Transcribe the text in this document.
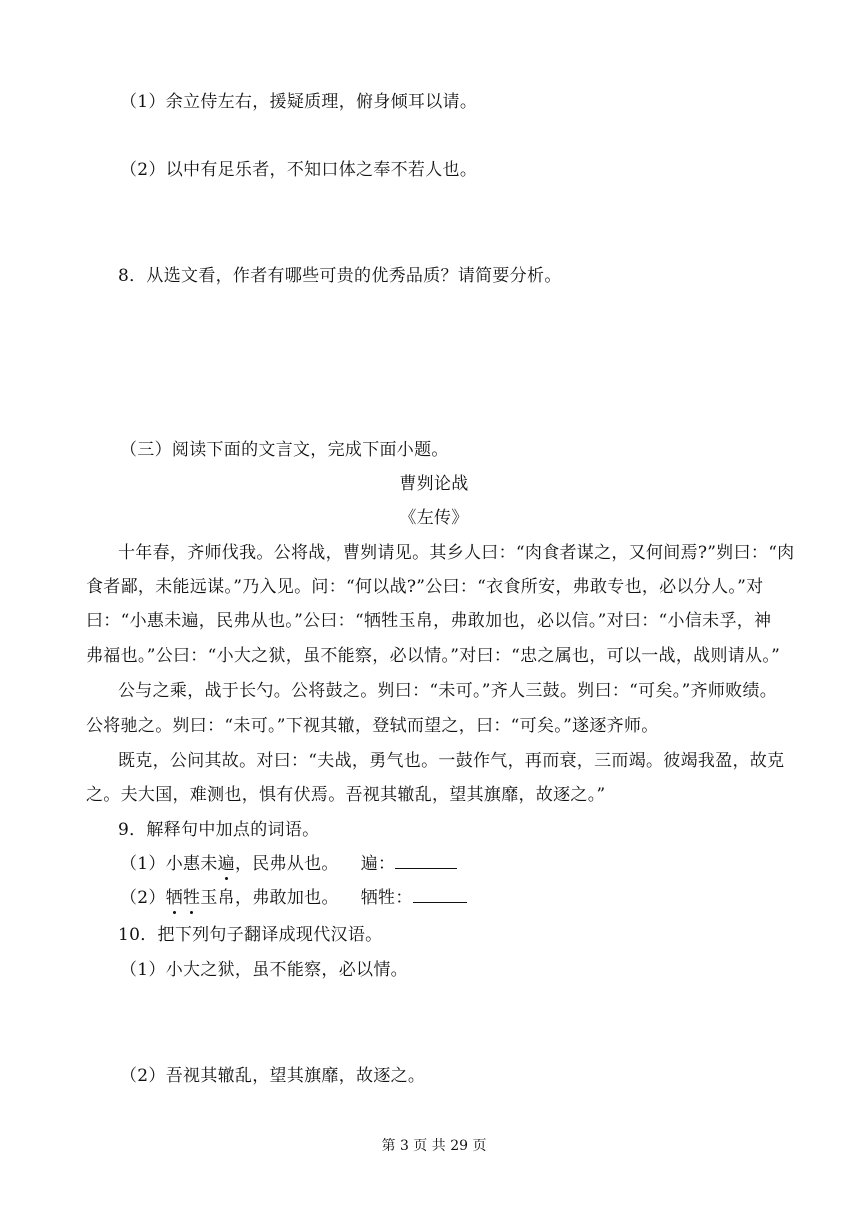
（1）余立侍左右，援疑质理，俯身倾耳以请。
（2）以中有足乐者，不知口体之奉不若人也。
8．从选文看，作者有哪些可贵的优秀品质？请简要分析。
（三）阅读下面的文言文，完成下面小题。
曹刿论战
《左传》
十年春，齐师伐我。公将战，曹刿请见。其乡人曰：“肉食者谋之，又何间焉?”刿曰：“肉
食者鄙，未能远谋。”乃入见。问：“何以战?”公曰：“衣食所安，弗敢专也，必以分人。”对
曰：“小惠未遍，民弗从也。”公曰：“牺牲玉帛，弗敢加也，必以信。”对曰：“小信未孚，神
弗福也。”公曰：“小大之狱，虽不能察，必以情。”对曰：“忠之属也，可以一战，战则请从。”
公与之乘，战于长勺。公将鼓之。刿曰：“未可。”齐人三鼓。刿曰：“可矣。”齐师败绩。
公将驰之。刿曰：“未可。”下视其辙，登轼而望之，曰：“可矣。”遂逐齐师。
既克，公问其故。对曰：“夫战，勇气也。一鼓作气，再而衰，三而竭。彼竭我盈，故克
之。夫大国，难测也，惧有伏焉。吾视其辙乱，望其旗靡，故逐之。”
9．解释句中加点的词语。
（1）小惠未遍，民弗从也。 遍：
（2）牺牲玉帛，弗敢加也。 牺牲：
10．把下列句子翻译成现代汉语。
（1）小大之狱，虽不能察，必以情。
（2）吾视其辙乱，望其旗靡，故逐之。
第 3 页 共 29 页
